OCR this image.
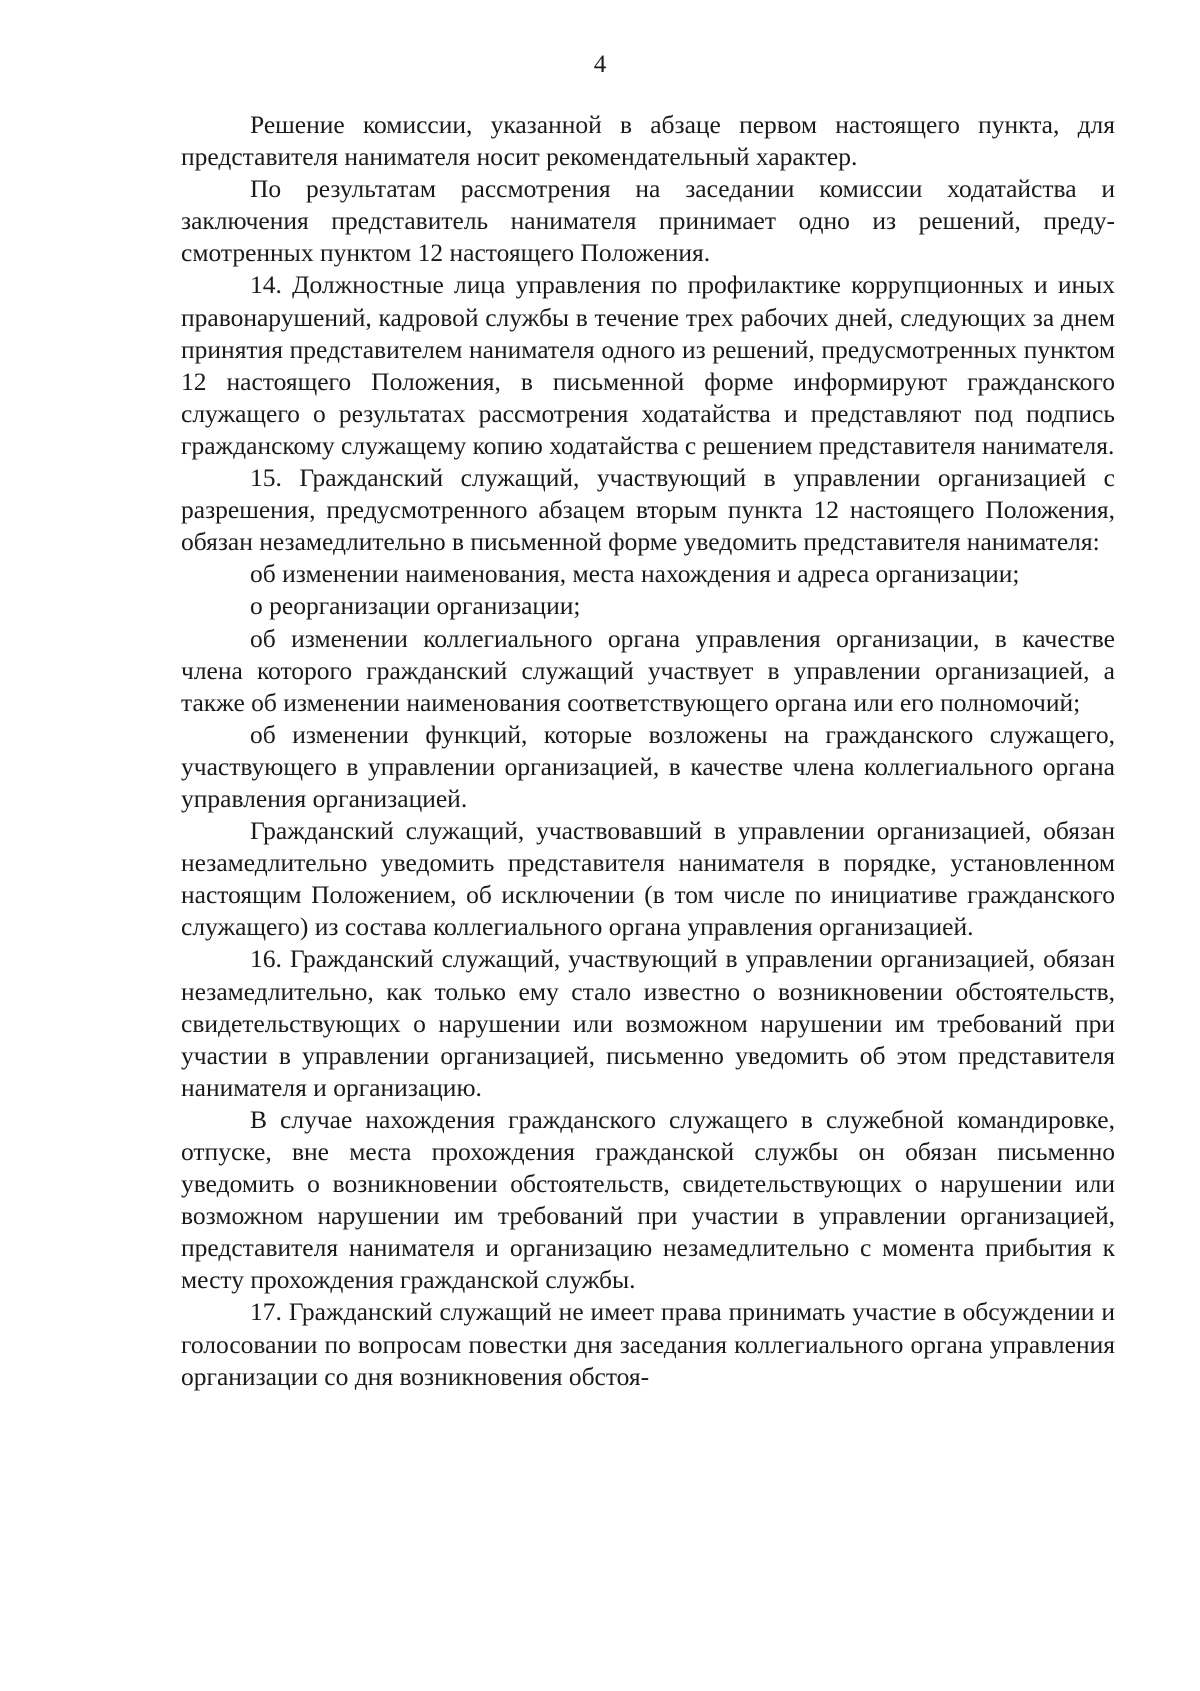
4

Решение комиссии, указанной в абзаце первом настоящего пункта, для представителя нанимателя носит рекомендательный характер.

По результатам рассмотрения на заседании комиссии ходатайства и заключения представитель нанимателя принимает одно из решений, предусмотренных пунктом 12 настоящего Положения.

14. Должностные лица управления по профилактике коррупционных и иных правонарушений, кадровой службы в течение трех рабочих дней, следующих за днем принятия представителем нанимателя одного из решений, предусмотренных пунктом 12 настоящего Положения, в письменной форме информируют гражданского служащего о результатах рассмотрения ходатайства и представляют под подпись гражданскому служащему копию ходатайства с решением представителя нанимателя.

15. Гражданский служащий, участвующий в управлении организацией с разрешения, предусмотренного абзацем вторым пункта 12 настоящего Положения, обязан незамедлительно в письменной форме уведомить представителя нанимателя:

об изменении наименования, места нахождения и адреса организации;

о реорганизации организации;

об изменении коллегиального органа управления организации, в качестве члена которого гражданский служащий участвует в управлении организацией, а также об изменении наименования соответствующего органа или его полномочий;

об изменении функций, которые возложены на гражданского служащего, участвующего в управлении организацией, в качестве члена коллегиального органа управления организацией.

Гражданский служащий, участвовавший в управлении организацией, обязан незамедлительно уведомить представителя нанимателя в порядке, установленном настоящим Положением, об исключении (в том числе по инициативе гражданского служащего) из состава коллегиального органа управления организацией.

16. Гражданский служащий, участвующий в управлении организацией, обязан незамедлительно, как только ему стало известно о возникновении обстоятельств, свидетельствующих о нарушении или возможном нарушении им требований при участии в управлении организацией, письменно уведомить об этом представителя нанимателя и организацию.

В случае нахождения гражданского служащего в служебной командировке, отпуске, вне места прохождения гражданской службы он обязан письменно уведомить о возникновении обстоятельств, свидетельствующих о нарушении или возможном нарушении им требований при участии в управлении организацией, представителя нанимателя и организацию незамедлительно с момента прибытия к месту прохождения гражданской службы.

17. Гражданский служащий не имеет права принимать участие в обсуждении и голосовании по вопросам повестки дня заседания коллегиального органа управления организации со дня возникновения обстоя-
